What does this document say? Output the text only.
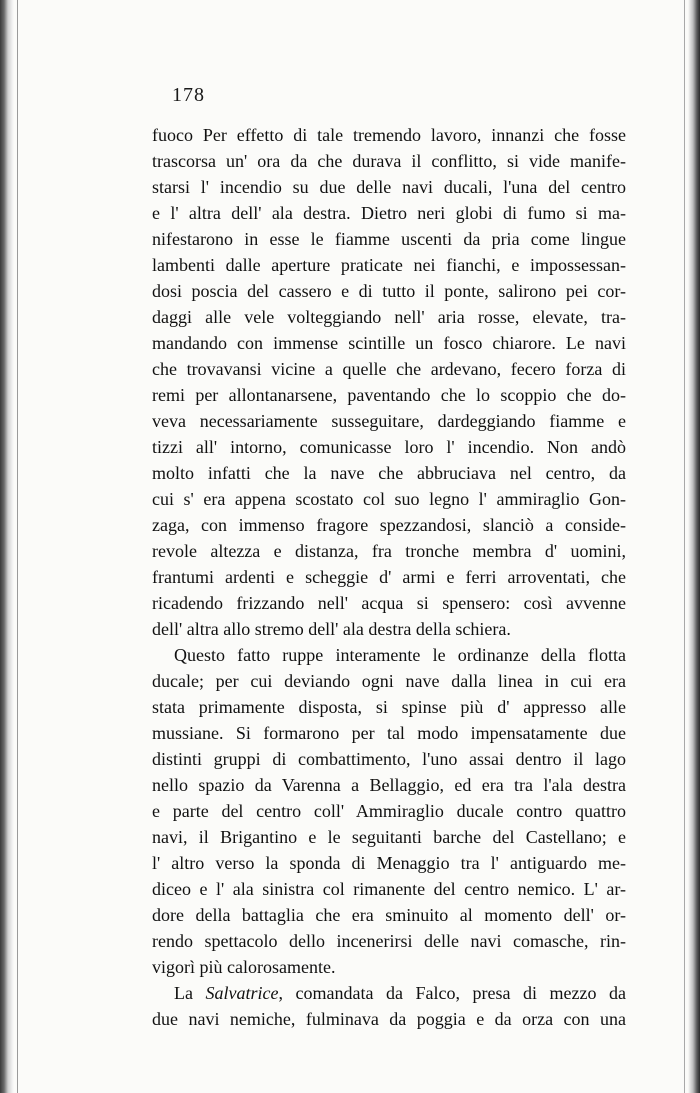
178
fuoco Per effetto di tale tremendo lavoro, innanzi che fosse
trascorsa un' ora da che durava il conflitto, si vide manife-
starsi l' incendio su due delle navi ducali, l'una del centro
e l' altra dell' ala destra. Dietro neri globi di fumo si ma-
nifestarono in esse le fiamme uscenti da pria come lingue
lambenti dalle aperture praticate nei fianchi, e impossessan-
dosi poscia del cassero e di tutto il ponte, salirono pei cor-
daggi alle vele volteggiando nell' aria rosse, elevate, tra-
mandando con immense scintille un fosco chiarore. Le navi
che trovavansi vicine a quelle che ardevano, fecero forza di
remi per allontanarsene, paventando che lo scoppio che do-
veva necessariamente susseguitare, dardeggiando fiamme e
tizzi all' intorno, comunicasse loro l' incendio. Non andò
molto infatti che la nave che abbruciava nel centro, da
cui s' era appena scostato col suo legno l' ammiraglio Gon-
zaga, con immenso fragore spezzandosi, slanciò a conside-
revole altezza e distanza, fra tronche membra d' uomini,
frantumi ardenti e scheggie d' armi e ferri arroventati, che
ricadendo frizzando nell' acqua si spensero: così avvenne
dell' altra allo stremo dell' ala destra della schiera.
Questo fatto ruppe interamente le ordinanze della flotta
ducale; per cui deviando ogni nave dalla linea in cui era
stata primamente disposta, si spinse più d' appresso alle
mussiane. Si formarono per tal modo impensatamente due
distinti gruppi di combattimento, l'uno assai dentro il lago
nello spazio da Varenna a Bellaggio, ed era tra l'ala destra
e parte del centro coll' Ammiraglio ducale contro quattro
navi, il Brigantino e le seguitanti barche del Castellano; e
l' altro verso la sponda di Menaggio tra l' antiguardo me-
diceo e l' ala sinistra col rimanente del centro nemico. L' ar-
dore della battaglia che era sminuito al momento dell' or-
rendo spettacolo dello incenerirsi delle navi comasche, rin-
vigorì più calorosamente.
La Salvatrice, comandata da Falco, presa di mezzo da
due navi nemiche, fulminava da poggia e da orza con una
